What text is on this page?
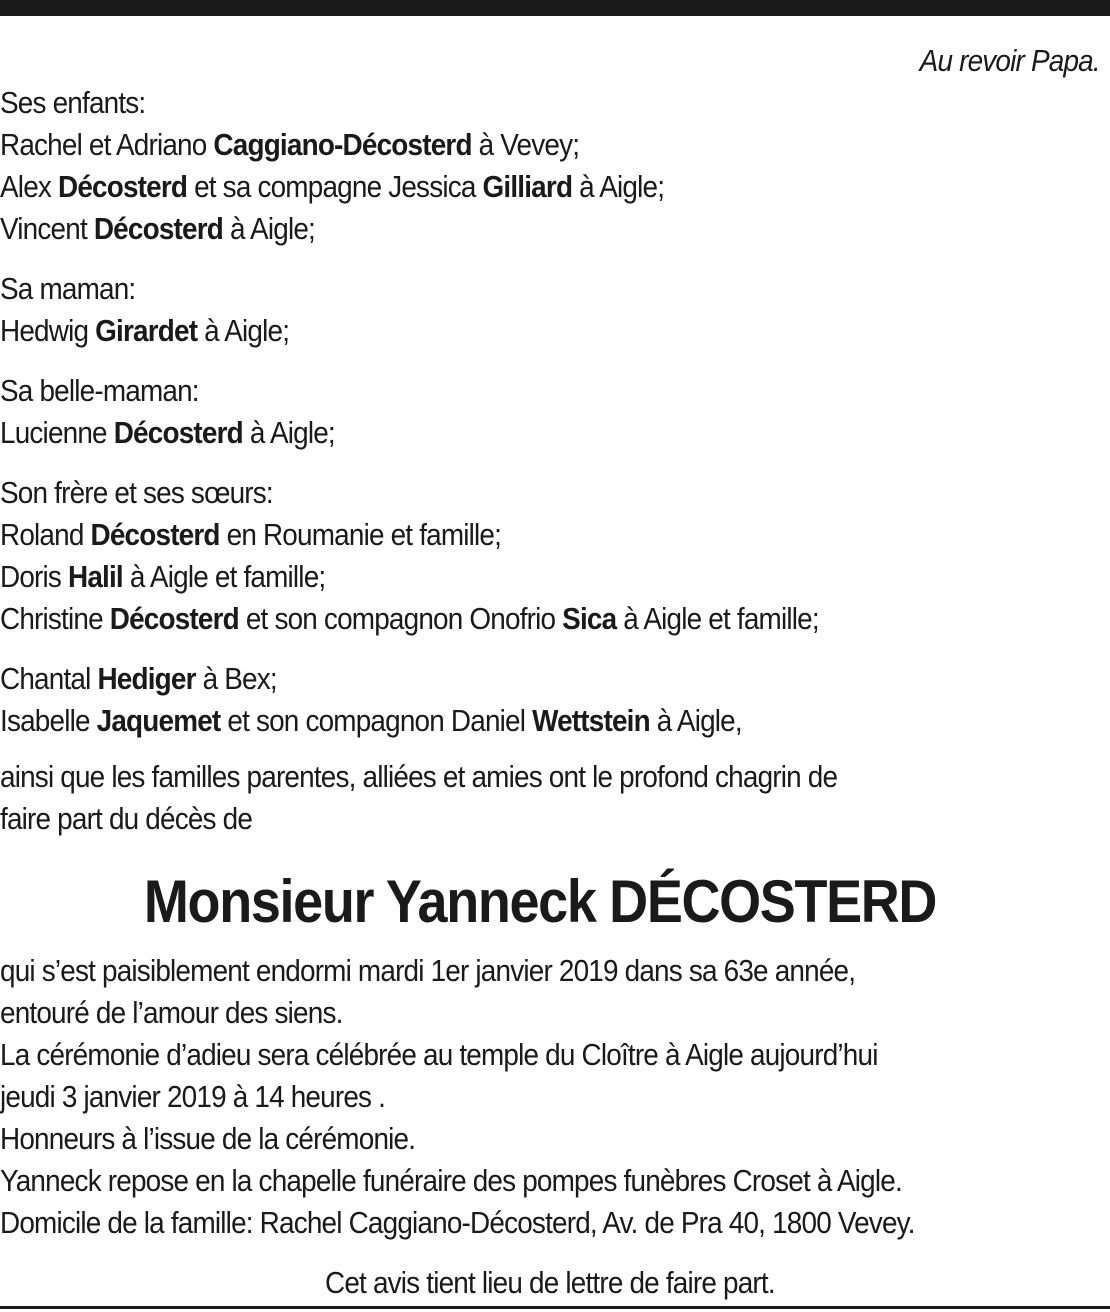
Au revoir Papa.

Ses enfants:

Rachel et Adriano Caggiano-Décosterd à Vevey;

Alex Décosterd et sa compagne Jessica Gilliard à Aigle;

Vincent Décosterd à Aigle;

Sa maman:

Hedwig Girardet à Aigle;

Sa belle-maman:

Lucienne Décosterd à Aigle;

Son frère et ses sœurs:

Roland Décosterd en Roumanie et famille;

Doris Halil à Aigle et famille;

Christine Décosterd et son compagnon Onofrio Sica à Aigle et famille;

Chantal Hediger à Bex;

Isabelle Jaquemet et son compagnon Daniel Wettstein à Aigle,

ainsi que les familles parentes, alliées et amies ont le profond chagrin de

faire part du décès de

Monsieur Yanneck DÉCOSTERD

qui s’est paisiblement endormi mardi 1er janvier 2019 dans sa 63e année,

entouré de l’amour des siens.

La cérémonie d’adieu sera célébrée au temple du Cloître à Aigle aujourd’hui

jeudi 3 janvier 2019 à 14 heures .

Honneurs à l’issue de la cérémonie.

Yanneck repose en la chapelle funéraire des pompes funèbres Croset à Aigle.

Domicile de la famille: Rachel Caggiano-Décosterd, Av. de Pra 40, 1800 Vevey.

Cet avis tient lieu de lettre de faire part.
